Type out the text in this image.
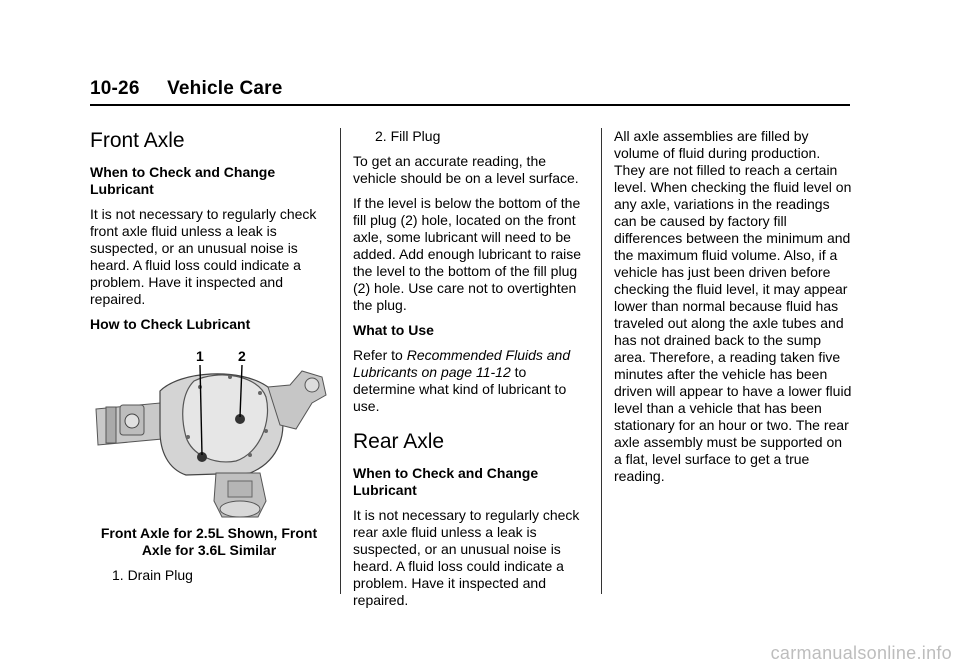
10-26 Vehicle Care
Front Axle

When to Check and Change Lubricant

It is not necessary to regularly check front axle fluid unless a leak is suspected, or an unusual noise is heard. A fluid loss could indicate a problem. Have it inspected and repaired.

How to Check Lubricant

1 2

Front Axle for 2.5L Shown, Front Axle for 3.6L Similar

1. Drain Plug

2. Fill Plug

To get an accurate reading, the vehicle should be on a level surface.

If the level is below the bottom of the fill plug (2) hole, located on the front axle, some lubricant will need to be added. Add enough lubricant to raise the level to the bottom of the fill plug (2) hole. Use care not to overtighten the plug.

What to Use

Refer to Recommended Fluids and Lubricants on page 11-12 to determine what kind of lubricant to use.

Rear Axle

When to Check and Change Lubricant

It is not necessary to regularly check rear axle fluid unless a leak is suspected, or an unusual noise is heard. A fluid loss could indicate a problem. Have it inspected and repaired.

All axle assemblies are filled by volume of fluid during production. They are not filled to reach a certain level. When checking the fluid level on any axle, variations in the readings can be caused by factory fill differences between the minimum and the maximum fluid volume. Also, if a vehicle has just been driven before checking the fluid level, it may appear lower than normal because fluid has traveled out along the axle tubes and has not drained back to the sump area. Therefore, a reading taken five minutes after the vehicle has been driven will appear to have a lower fluid level than a vehicle that has been stationary for an hour or two. The rear axle assembly must be supported on a flat, level surface to get a true reading.

carmanualsonline.info
